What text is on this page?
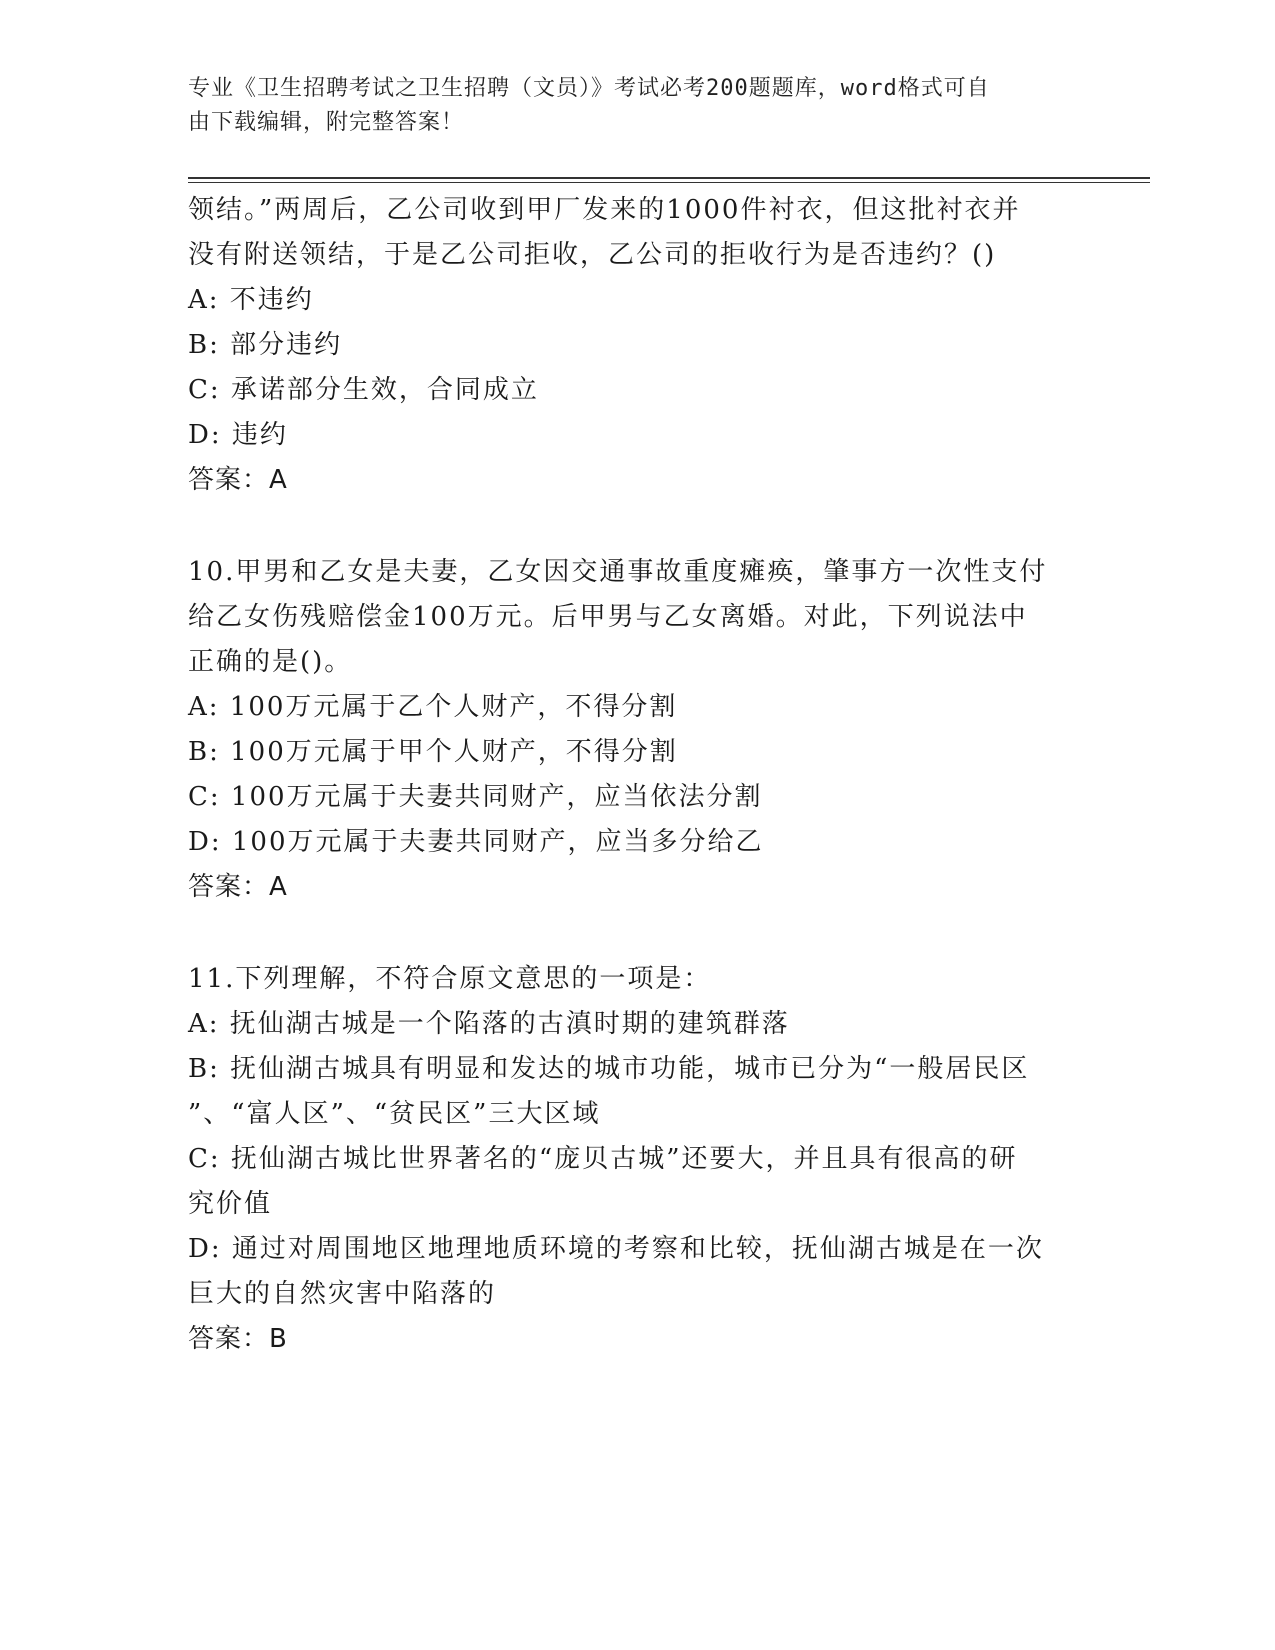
专业《卫生招聘考试之卫生招聘（文员）》考试必考200题题库，word格式可自
由下载编辑，附完整答案！
领结。”两周后，乙公司收到甲厂发来的1000件衬衣，但这批衬衣并
没有附送领结，于是乙公司拒收，乙公司的拒收行为是否违约？()
A: 不违约
B: 部分违约
C: 承诺部分生效，合同成立
D: 违约
答案：A
10.甲男和乙女是夫妻，乙女因交通事故重度瘫痪，肇事方一次性支付
给乙女伤残赔偿金100万元。后甲男与乙女离婚。对此，下列说法中
正确的是()。
A: 100万元属于乙个人财产，不得分割
B: 100万元属于甲个人财产，不得分割
C: 100万元属于夫妻共同财产，应当依法分割
D: 100万元属于夫妻共同财产，应当多分给乙
答案：A
11.下列理解，不符合原文意思的一项是：
A: 抚仙湖古城是一个陷落的古滇时期的建筑群落
B: 抚仙湖古城具有明显和发达的城市功能，城市已分为“一般居民区
”、“富人区”、“贫民区”三大区域
C: 抚仙湖古城比世界著名的“庞贝古城”还要大，并且具有很高的研
究价值
D: 通过对周围地区地理地质环境的考察和比较，抚仙湖古城是在一次
巨大的自然灾害中陷落的
答案：B
